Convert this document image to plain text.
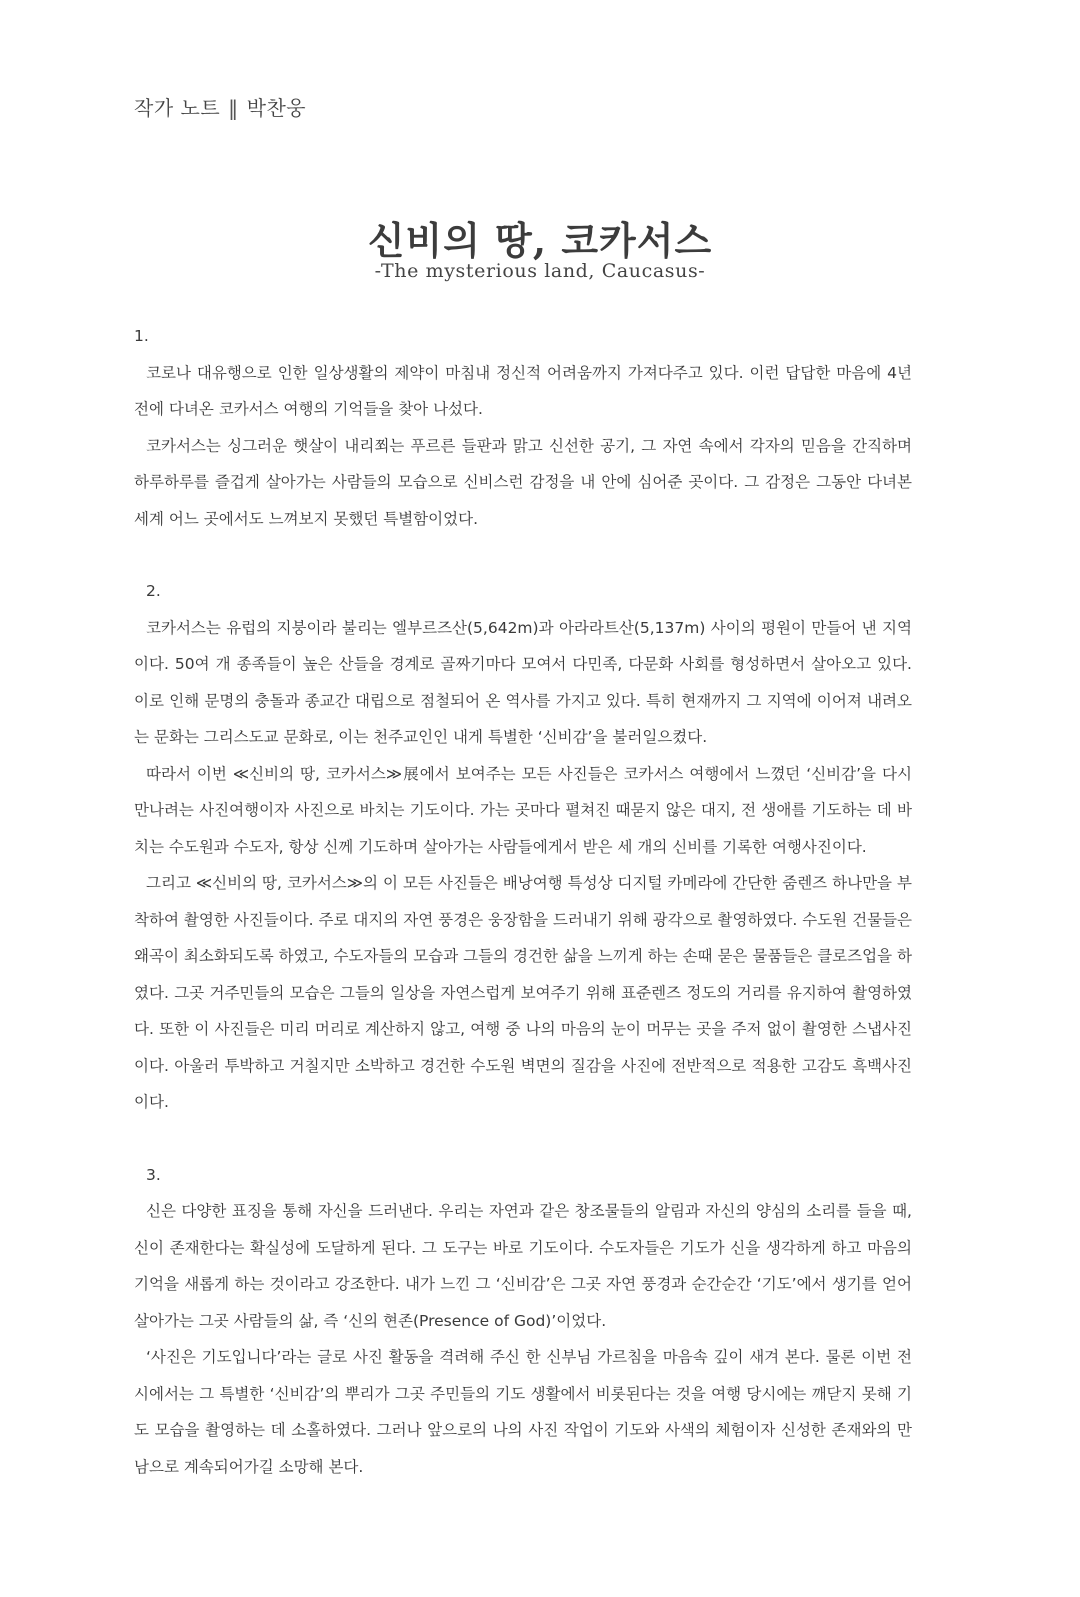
작가 노트 ‖ 박찬웅
신비의 땅, 코카서스
-The mysterious land, Caucasus-
1.

코로나 대유행으로 인한 일상생활의 제약이 마침내 정신적 어려움까지 가져다주고 있다. 이런 답답한 마음에 4년 전에 다녀온 코카서스 여행의 기억들을 찾아 나섰다.

코카서스는 싱그러운 햇살이 내리쬐는 푸르른 들판과 맑고 신선한 공기, 그 자연 속에서 각자의 믿음을 간직하며 하루하루를 즐겁게 살아가는 사람들의 모습으로 신비스런 감정을 내 안에 심어준 곳이다. 그 감정은 그동안 다녀본 세계 어느 곳에서도 느껴보지 못했던 특별함이었다.

2.

코카서스는 유럽의 지붕이라 불리는 엘부르즈산(5,642m)과 아라라트산(5,137m) 사이의 평원이 만들어 낸 지역이다. 50여 개 종족들이 높은 산들을 경계로 골짜기마다 모여서 다민족, 다문화 사회를 형성하면서 살아오고 있다. 이로 인해 문명의 충돌과 종교간 대립으로 점철되어 온 역사를 가지고 있다. 특히 현재까지 그 지역에 이어져 내려오는 문화는 그리스도교 문화로, 이는 천주교인인 내게 특별한 ‘신비감’을 불러일으켰다.

따라서 이번 ≪신비의 땅, 코카서스≫展에서 보여주는 모든 사진들은 코카서스 여행에서 느꼈던 ‘신비감’을 다시 만나려는 사진여행이자 사진으로 바치는 기도이다. 가는 곳마다 펼쳐진 때묻지 않은 대지, 전 생애를 기도하는 데 바치는 수도원과 수도자, 항상 신께 기도하며 살아가는 사람들에게서 받은 세 개의 신비를 기록한 여행사진이다.

그리고 ≪신비의 땅, 코카서스≫의 이 모든 사진들은 배낭여행 특성상 디지털 카메라에 간단한 줌렌즈 하나만을 부착하여 촬영한 사진들이다. 주로 대지의 자연 풍경은 웅장함을 드러내기 위해 광각으로 촬영하였다. 수도원 건물들은 왜곡이 최소화되도록 하였고, 수도자들의 모습과 그들의 경건한 삶을 느끼게 하는 손때 묻은 물품들은 클로즈업을 하였다. 그곳 거주민들의 모습은 그들의 일상을 자연스럽게 보여주기 위해 표준렌즈 정도의 거리를 유지하여 촬영하였다. 또한 이 사진들은 미리 머리로 계산하지 않고, 여행 중 나의 마음의 눈이 머무는 곳을 주저 없이 촬영한 스냅사진이다. 아울러 투박하고 거칠지만 소박하고 경건한 수도원 벽면의 질감을 사진에 전반적으로 적용한 고감도 흑백사진이다.

3.

신은 다양한 표징을 통해 자신을 드러낸다. 우리는 자연과 같은 창조물들의 알림과 자신의 양심의 소리를 들을 때, 신이 존재한다는 확실성에 도달하게 된다. 그 도구는 바로 기도이다. 수도자들은 기도가 신을 생각하게 하고 마음의 기억을 새롭게 하는 것이라고 강조한다. 내가 느낀 그 ‘신비감’은 그곳 자연 풍경과 순간순간 ‘기도’에서 생기를 얻어 살아가는 그곳 사람들의 삶, 즉 ‘신의 현존(Presence of God)’이었다.

‘사진은 기도입니다’라는 글로 사진 활동을 격려해 주신 한 신부님 가르침을 마음속 깊이 새겨 본다. 물론 이번 전시에서는 그 특별한 ‘신비감’의 뿌리가 그곳 주민들의 기도 생활에서 비롯된다는 것을 여행 당시에는 깨닫지 못해 기도 모습을 촬영하는 데 소홀하였다. 그러나 앞으로의 나의 사진 작업이 기도와 사색의 체험이자 신성한 존재와의 만남으로 계속되어가길 소망해 본다.
